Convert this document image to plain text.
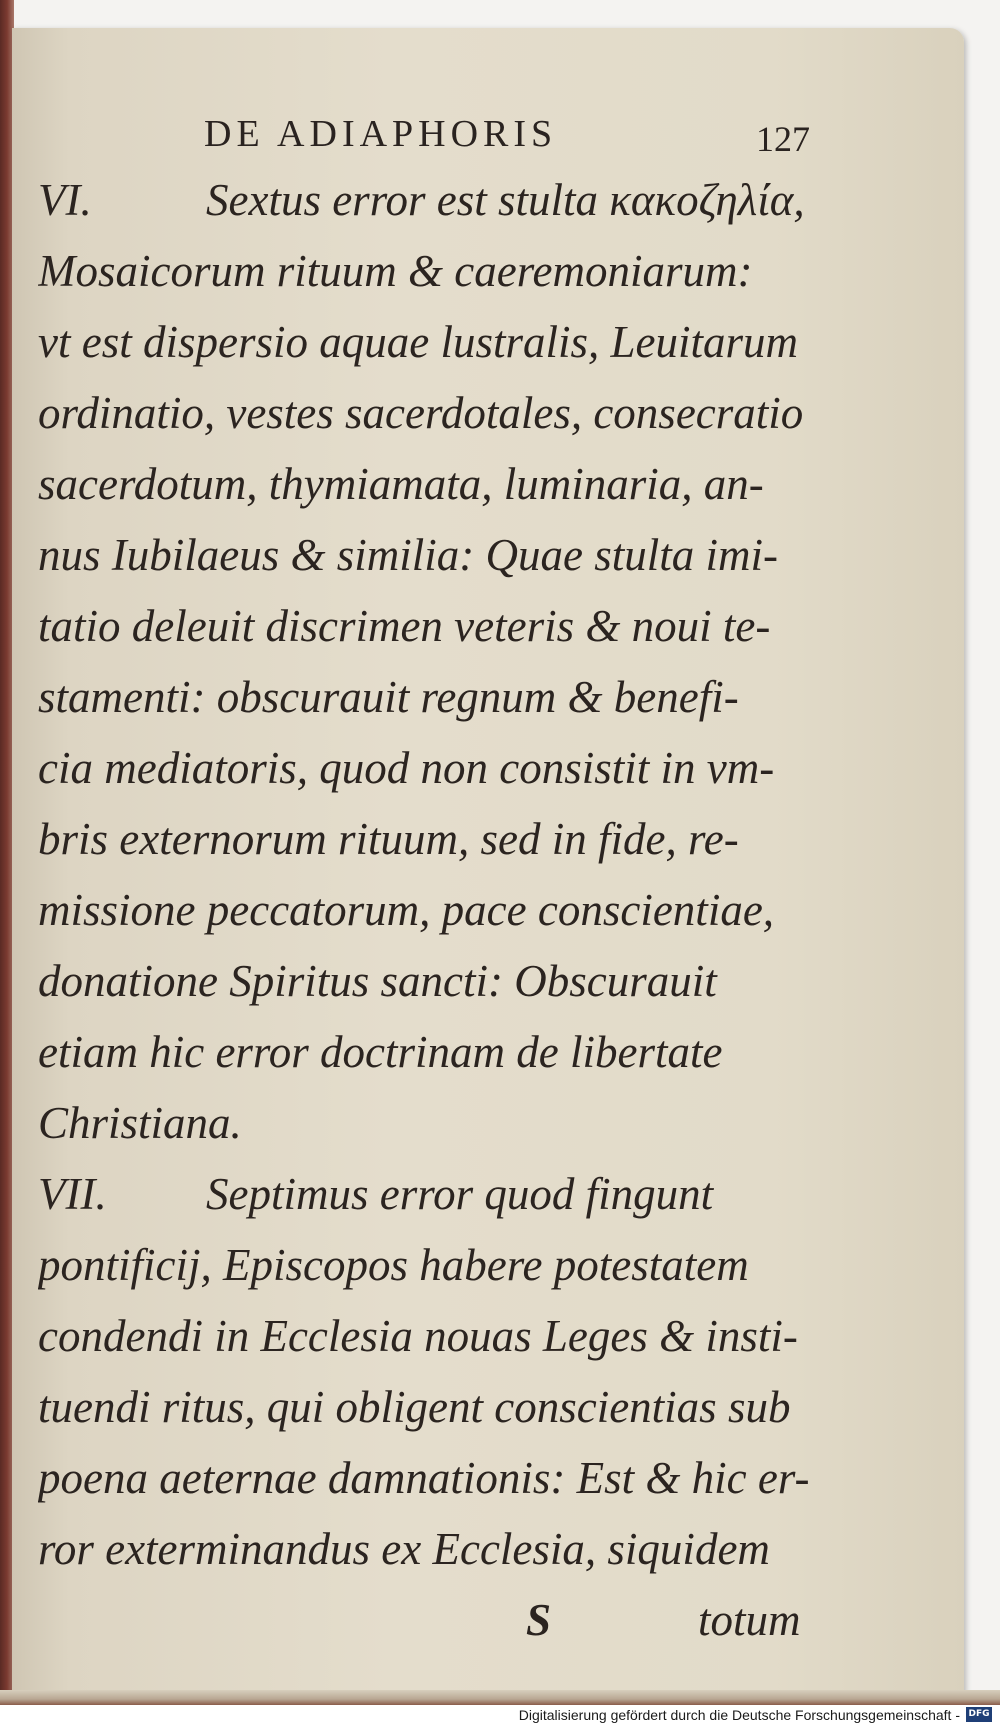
DE ADIAPHORIS	127
VI.	Sextus error est stulta κακοζηλία,
Mosaicorum rituum & caeremoniarum:
vt est dispersio aquae lustralis, Leuitarum
ordinatio, vestes sacerdotales, consecratio
sacerdotum, thymiamata, luminaria, an-
nus Iubilaeus & similia: Quae stulta imi-
tatio deleuit discrimen veteris & noui te-
stamenti: obscurauit regnum & benefi-
cia mediatoris, quod non consistit in vm-
bris externorum rituum, sed in fide, re-
missione peccatorum, pace conscientiae,
donatione Spiritus sancti: Obscurauit
etiam hic error doctrinam de libertate
Christiana.
VII.	Septimus error quod fingunt
pontificij, Episcopos habere potestatem
condendi in Ecclesia nouas Leges & insti-
tuendi ritus, qui obligent conscientias sub
poena aeternae damnationis: Est & hic er-
ror exterminandus ex Ecclesia, siquidem
S	totum
Digitalisierung gefördert durch die Deutsche Forschungsgemeinschaft - DFG
